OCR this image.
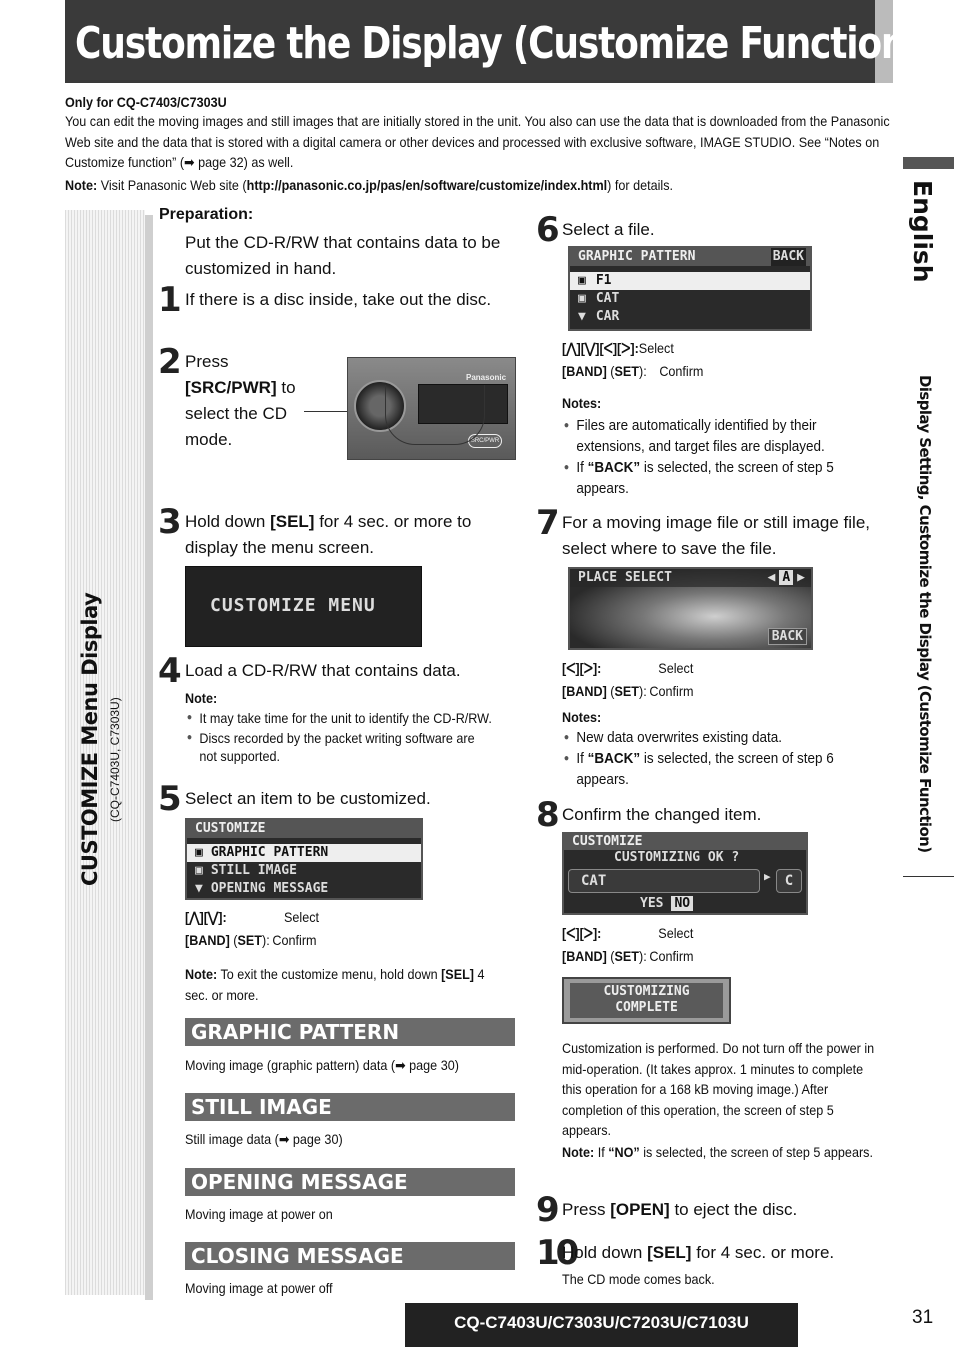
Customize the Display (Customize Function)
Only for CQ-C7403/C7303U
You can edit the moving images and still images that are initially stored in the unit. You also can use the data that is downloaded from the Panasonic Web site and the data that is stored with a digital camera or other devices and processed with exclusive software, IMAGE STUDIO. See “Notes on Customize function” (➡ page 32) as well.
Note: Visit Panasonic Web site (http://panasonic.co.jp/pas/en/software/customize/index.html) for details.
CUSTOMIZE Menu Display (CQ-C7403U, C7303U)
English
Display Setting, Customize the Display (Customize Function)
Preparation:
Put the CD-R/RW that contains data to be customized in hand.
1 If there is a disc inside, take out the disc.
2 Press
[SRC/PWR] to select the CD mode.
Panasonic
SRC/PWR
3 Hold down [SEL] for 4 sec. or more to display the menu screen.
CUSTOMIZE MENU
4 Load a CD-R/RW that contains data.
Note:
● It may take time for the unit to identify the CD-R/RW.
● Discs recorded by the packet writing software are not supported.
5 Select an item to be customized.
CUSTOMIZE
▣ GRAPHIC PATTERN
▣ STILL IMAGE
▼ OPENING MESSAGE
[⋀][⋁]:	Select
[BAND] (SET): Confirm
Note: To exit the customize menu, hold down [SEL] 4 sec. or more.
GRAPHIC PATTERN
Moving image (graphic pattern) data (➡ page 30)
STILL IMAGE
Still image data (➡ page 30)
OPENING MESSAGE
Moving image at power on
CLOSING MESSAGE
Moving image at power off
6 Select a file.
GRAPHIC PATTERN	BACK
▣ F1
▣ CAT
▼ CAR
[⋀][⋁][ᐸ][ᐳ]:Select
[BAND] (SET): Confirm
Notes:
● Files are automatically identified by their extensions, and target files are displayed.
● If “BACK” is selected, the screen of step 5 appears.
7 For a moving image file or still image file, select where to save the file.
PLACE SELECT	◀ A ▶
BACK
[ᐸ][ᐳ]:	Select
[BAND] (SET): Confirm
Notes:
● New data overwrites existing data.
● If “BACK” is selected, the screen of step 6 appears.
8 Confirm the changed item.
CUSTOMIZE
CUSTOMIZING OK ?
CAT	▶	C
YES NO
[ᐸ][ᐳ]:	Select
[BAND] (SET): Confirm
CUSTOMIZING
COMPLETE
Customization is performed. Do not turn off the power in mid-operation. (It takes approx. 1 minutes to complete this operation for a 168 kB moving image.) After completion of this operation, the screen of step 5 appears.
Note: If “NO” is selected, the screen of step 5 appears.
9 Press [OPEN] to eject the disc.
10
Hold down [SEL] for 4 sec. or more.
The CD mode comes back.
CQ-C7403U/C7303U/C7203U/C7103U	31
